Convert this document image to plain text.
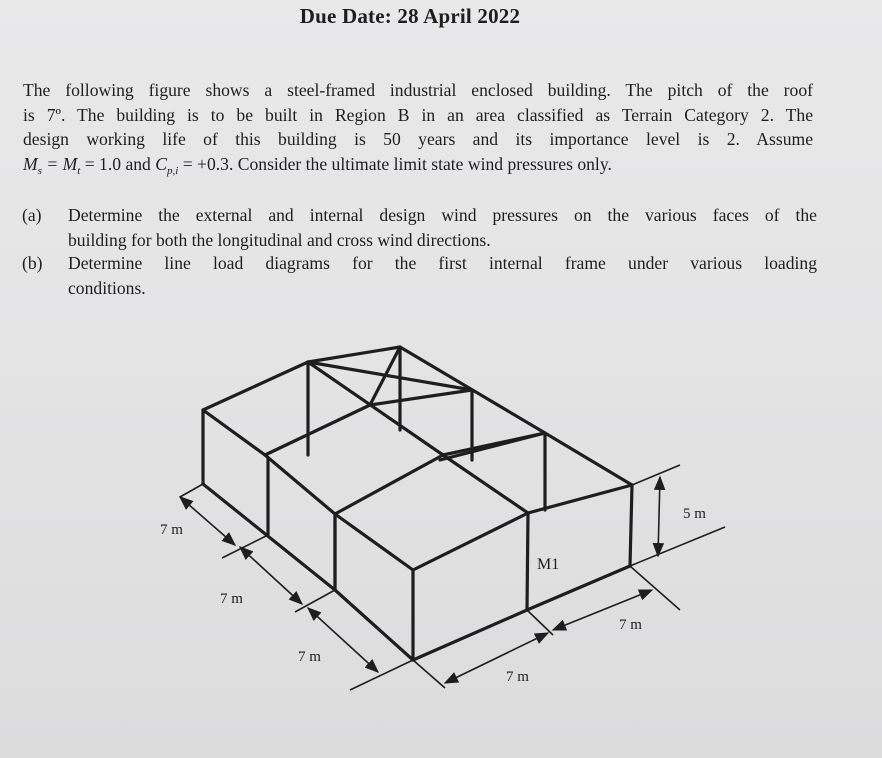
Due Date: 28 April 2022
The following figure shows a steel-framed industrial enclosed building. The pitch of the roof
is 7º. The building is to be built in Region B in an area classified as Terrain Category 2. The
design working life of this building is 50 years and its importance level is 2. Assume
$M_s = M_t = 1.0$ and $C_{p,i} = +0.3$. Consider the ultimate limit state wind pressures only.
(a) Determine the external and internal design wind pressures on the various faces of the
building for both the longitudinal and cross wind directions.
(b) Determine line load diagrams for the first internal frame under various loading
conditions.
7 m
7 m
7 m
7 m
7 m
5 m
M1
